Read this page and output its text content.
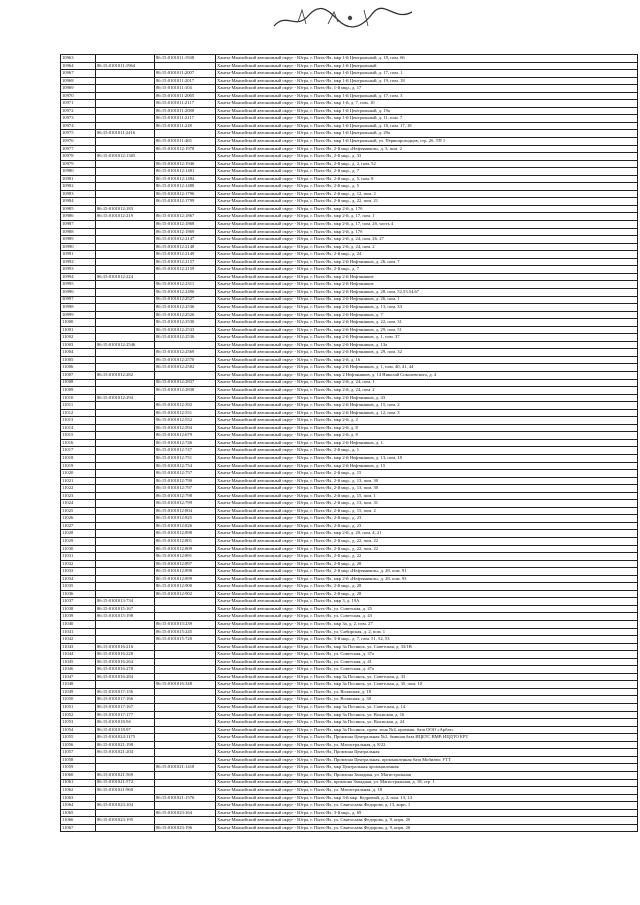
10963		86:15:0101011:1948	Ханты-Мансийский автономный округ - Югра, г. Пыть-Ях, мкр 1-й Центральный, д. 18, пом. 66
10964	86:15:0101011:1964		Ханты-Мансийский автономный округ - Югра, г. Пыть-Ях, мкр 1-й Центральный
10967		86:15:0101011:2007	Ханты-Мансийский автономный округ - Югра, г. Пыть-Ях, мкр 1-й Центральный, д. 17, пом. 1
10968		86:15:0101011:2017	Ханты-Мансийский автономный округ - Югра, г. Пыть-Ях, мкр 1-й Центральный, д. 19, пом. 18
10969		86:15:0101011:104	Ханты-Мансийский автономный округ - Югра, г. Пыть-Ях, 1-й мкр., д. 17
10970		86:15:0101011:2065	Ханты-Мансийский автономный округ - Югра, г. Пыть-Ях, мкр 1-й Центральный, д. 17, пом. 3
10971		86:15:0101011:2117	Ханты-Мансийский автономный округ - Югра, г. Пыть-Ях, мкр 1-й, д. 7, пом. 10
10972		86:15:0101011:2080	Ханты-Мансийский автономный округ - Югра, г. Пыть-Ях, мкр 1-й Центральный, д. 19а
10973		86:15:0101011:2117	Ханты-Мансийский автономный округ - Югра, г. Пыть-Ях, мкр 1-й Центральный, д. 11, пом. 7
10974		86:15:0101011:228	Ханты-Мансийский автономный округ - Югра, г. Пыть-Ях, мкр 1-й Центральный, д. 18, пом. 17, 18
10975	86:15:0101011:2416		Ханты-Мансийский автономный округ - Югра, г. Пыть-Ях, мкр 1-й Центральный, д. 29а
10976		86:15:0101011:465	Ханты-Мансийский автономный округ - Югра, г. Пыть-Ях, мкр 1-й Центральный, ул. Первопроходцев, стр. 2б, ТП 1
10977		86:15:0101012:1978	Ханты-Мансийский автономный округ - Югра, г. Пыть-Ях, 2-й мкр «Нефтяников», д. 3, пом. 2
10978	86:15:0101012:1305		Ханты-Мансийский автономный округ - Югра, г. Пыть-Ях, 2-й мкр., д. 33
10979		86:15:0101012:1946	Ханты-Мансийский автономный округ - Югра, г. Пыть-Ях, 2-й мкр., д. 2, пом. 52
10980		86:15:0101012:1481	Ханты-Мансийский автономный округ - Югра, г. Пыть-Ях, 2-й мкр., д. 7
10981		86:15:0101012:1484	Ханты-Мансийский автономный округ - Югра, г. Пыть-Ях, 2-й мкр., д. 5, пом. 8
10982		86:15:0101012:1488	Ханты-Мансийский автономный округ - Югра, г. Пыть-Ях, 2-й мкр., д. 5
10983		86:15:0101012:1796	Ханты-Мансийский автономный округ - Югра, г. Пыть-Ях, 2-й мкр., д. 12, пом. 2
10984		86:15:0101012:1799	Ханты-Мансийский автономный округ - Югра, г. Пыть-Ях, 2-й мкр., д. 22, пом. 21
10985	86:15:0101012:183		Ханты-Мансийский автономный округ - Югра, г. Пыть-Ях, мкр 2-й, д. 17б
10986	86:15:0101012:219	86:15:0101012:1867	Ханты-Мансийский автономный округ - Югра, г. Пыть-Ях, мкр 2-й, д. 17, пом. 1
10987		86:15:0101012:1868	Ханты-Мансийский автономный округ - Югра, г. Пыть-Ях, мкр 2-й, д. 17, пом. 2б, часть 4
10988		86:15:0101012:1869	Ханты-Мансийский автономный округ - Югра, г. Пыть-Ях, мкр 2-й, д. 17б
10989		86:15:0101012:2147	Ханты-Мансийский автономный округ - Югра, г. Пыть-Ях, мкр 2-й, д. 24, пом. 26, 27
10990		86:15:0101012:2148	Ханты-Мансийский автономный округ - Югра, г. Пыть-Ях, мкр 2-й, д. 24, пом. 2
10991		86:15:0101012:2149	Ханты-Мансийский автономный округ - Югра, г. Пыть-Ях, 2-й мкр., д. 24
10992		86:15:0101012:2157	Ханты-Мансийский автономный округ - Югра, г. Пыть-Ях, мкр 2-й Нефтяников, д. 26, пом. 7
10993		86:15:0101012:2159	Ханты-Мансийский автономный округ - Югра, г. Пыть-Ях, 2-й мкр., д. 7
10994	86:15:0101012:224		Ханты-Мансийский автономный округ - Югра, г. Пыть-Ях, мкр 2-й Нефтяников
10995		86:15:0101012:2311	Ханты-Мансийский автономный округ - Югра, г. Пыть-Ях, мкр 2-й Нефтяников
10996		86:15:0101012:2496	Ханты-Мансийский автономный округ - Югра, г. Пыть-Ях, мкр 2-й Нефтяников, д. 28, пом. 52,53,54,67
10997		86:15:0101012:2527	Ханты-Мансийский автономный округ - Югра, г. Пыть-Ях, мкр 2-й Нефтяников, д. 26, пом. 1
10998		86:15:0101012:2536	Ханты-Мансийский автономный округ - Югра, г. Пыть-Ях, мкр 2-й Нефтяников, д. 13, пом. 33
10999		86:15:0101012:2526	Ханты-Мансийский автономный округ - Югра, г. Пыть-Ях, мкр 2-й Нефтяников, д. 7
11000		86:15:0101012:2530	Ханты-Мансийский автономный округ - Югра, г. Пыть-Ях, мкр 2-й Нефтяников, д. 22, пом. 31
11001		86:15:0101012:2533	Ханты-Мансийский автономный округ - Югра, г. Пыть-Ях, мкр 2-й Нефтяников, д. 29, пом. 51
11002		86:15:0101012:2536	Ханты-Мансийский автономный округ - Югра, г. Пыть-Ях, мкр 2-й Нефтяников, д. 1, пом. 37
11003	86:15:0101012:2546		Ханты-Мансийский автономный округ - Югра, г. Пыть-Ях, мкр 2-й Нефтяников, д. 13а
11004		86:15:0101012:2569	Ханты-Мансийский автономный округ - Югра, г. Пыть-Ях, мкр 2-й Нефтяников, д. 29, пом. 32
11005		86:15:0101012:2570	Ханты-Мансийский автономный округ - Югра, г. Пыть-Ях, мкр 2-й, д. 16
11006		86:15:0101012:2582	Ханты-Мансийский автономный округ - Югра, г. Пыть-Ях, мкр 2-й Нефтяников, д. 1, пом. 40, 41, 44
11007	86:15:0101012:282		Ханты-Мансийский автономный округ - Югра, г. Пыть-Ях, мкр 2 Нефтяников, д. 14 Николай Соколовского, д. 4
11008		86:15:0101012:2837	Ханты-Мансийский автономный округ - Югра, г. Пыть-Ях, мкр 2-й, д. 24, пом. 1
11009		86:15:0101012:2838	Ханты-Мансийский автономный округ - Югра, г. Пыть-Ях, мкр 2-й, д. 24, пом. 2
11010	86:15:0101012:294		Ханты-Мансийский автономный округ - Югра, г. Пыть-Ях, мкр 2-й Нефтяников, д. 43
11011		86:15:0101012:392	Ханты-Мансийский автономный округ - Югра, г. Пыть-Ях, мкр 2-й Нефтяников, д. 15, пом. 2
11012		86:15:0101012:551	Ханты-Мансийский автономный округ - Югра, г. Пыть-Ях, мкр 2-й Нефтяников, д. 12, пом. 3
11013		86:15:0101012:552	Ханты-Мансийский автономный округ - Югра, г. Пыть-Ях, мкр 2-й, д. 2
11014		86:15:0101012:594	Ханты-Мансийский автономный округ - Югра, г. Пыть-Ях, мкр 2-й, д. 8
11015		86:15:0101012:679	Ханты-Мансийский автономный округ - Югра, г. Пыть-Ях, мкр 2-й, д. 8
11016		86:15:0101012:746	Ханты-Мансийский автономный округ - Югра, г. Пыть-Ях, мкр 2-й Нефтяников, д. 1
11017		86:15:0101012:747	Ханты-Мансийский автономный округ - Югра, г. Пыть-Ях, 2-й мкр., д. 1
11018		86:15:0101012:751	Ханты-Мансийский автономный округ - Югра, г. Пыть-Ях, мкр 2-й Нефтяников, д. 13, пом. 18
11019		86:15:0101012:754	Ханты-Мансийский автономный округ - Югра, г. Пыть-Ях, мкр 2-й Нефтяников, д. 15
11020		86:15:0101012:757	Ханты-Мансийский автономный округ - Югра, г. Пыть-Ях, 2-й мкр., д. 15
11021		86:15:0101012:790	Ханты-Мансийский автономный округ - Югра, г. Пыть-Ях, 2-й мкр., д. 13, пом. 30
11022		86:15:0101012:797	Ханты-Мансийский автономный округ - Югра, г. Пыть-Ях, 2-й мкр., д. 13, пом. 30
11023		86:15:0101012:798	Ханты-Мансийский автономный округ - Югра, г. Пыть-Ях, 2-й мкр., д. 15, пом. 1
11024		86:15:0101012:799	Ханты-Мансийский автономный округ - Югра, г. Пыть-Ях, 2-й мкр., д. 13, пом. 31
11025		86:15:0101012:804	Ханты-Мансийский автономный округ - Югра, г. Пыть-Ях, 2-й мкр., д. 15, пом. 2
11026		86:15:0101012:825	Ханты-Мансийский автономный округ - Югра, г. Пыть-Ях, 2-й мкр., д. 23
11027		86:15:0101012:826	Ханты-Мансийский автономный округ - Югра, г. Пыть-Ях, 2-й мкр., д. 23
11028		86:15:0101012:898	Ханты-Мансийский автономный округ - Югра, г. Пыть-Ях, мкр 2-й, д. 20, пом. 4, 21
11029		86:15:0101012:801	Ханты-Мансийский автономный округ - Югра, г. Пыть-Ях, 2-й мкр., д. 22, пом. 22
11030		86:15:0101012:809	Ханты-Мансийский автономный округ - Югра, г. Пыть-Ях, 2-й мкр., д. 22, пом. 22
11031		86:15:0101012:891	Ханты-Мансийский автономный округ - Югра, г. Пыть-Ях, 2-й мкр., д. 22
11032		86:15:0101012:897	Ханты-Мансийский автономный округ - Югра, г. Пыть-Ях, 2-й мкр., д. 28
11033		86:15:0101012:898	Ханты-Мансийский автономный округ - Югра, г. Пыть-Ях, 2-й мкр «Нефтяников», д. 28, пом. 91
11034		86:15:0101012:899	Ханты-Мансийский автономный округ - Югра, г. Пыть-Ях, мкр 2-й «Нефтяников», д. 28, пом. 93
11035		86:15:0101012:900	Ханты-Мансийский автономный округ - Югра, г. Пыть-Ях, 2-й мкр., д. 28
11036		86:15:0101012:902	Ханты-Мансийский автономный округ - Югра, г. Пыть-Ях, 2-й мкр., д. 28
11037	86:15:0101013:734		Ханты-Мансийский автономный округ - Югра, г. Пыть-Ях, мкр 3, д. 19А
11038	86:15:0101015:167		Ханты-Мансийский автономный округ - Югра, г. Пыть-Ях, ул. Советская, д. 25
11039	86:15:0101015:198		Ханты-Мансийский автономный округ - Югра, г. Пыть-Ях, ул. Советская, д. 43
11040		86:15:0101015:239	Ханты-Мансийский автономный округ - Югра, г. Пыть-Ях, мкр 3а, д. 2, пом. 27
11041		86:15:0101015:245	Ханты-Мансийский автономный округ - Югра, г. Пыть-Ях, ул. Сибирская, д. 2, пом. 1
11042		86:15:0101015:720	Ханты-Мансийский автономный округ - Югра, г. Пыть-Ях, 3-й мкр., д. 7, пом. 51, 52, 53
11043	86:15:0101016:216		Ханты-Мансийский автономный округ - Югра, г. Пыть-Ях, мкр 3а Посинск, ул. Советская, д. 33/1В
11044	86:15:0101016:228		Ханты-Мансийский автономный округ - Югра, г. Пыть-Ях, ул. Советская, д. 37а
11045	86:15:0101016:264		Ханты-Мансийский автономный округ - Югра, г. Пыть-Ях, ул. Советская, д. 41
11046	86:15:0101016:278		Ханты-Мансийский автономный округ - Югра, г. Пыть-Ях, ул. Советская, д. 47а
11047	86:15:0101016:284		Ханты-Мансийский автономный округ - Югра, г. Пыть-Ях, мкр 3а Посинск, ул. Советская, д. 33
11048		86:15:0101016:348	Ханты-Мансийский автономный округ - Югра, г. Пыть-Ях, мкр 3а Посинск, ул. Советская, д. 35, пом. 10
11049	86:15:0101017:156		Ханты-Мансийский автономный округ - Югра, г. Пыть-Ях, ул. Волжская, д. 18
11050	86:15:0101017:166		Ханты-Мансийский автономный округ - Югра, г. Пыть-Ях, ул. Волжская, д. 30
11051	86:15:0101017:167		Ханты-Мансийский автономный округ - Югра, г. Пыть-Ях, мкр 3а Посинск, ул. Советская, д. 14
11052	86:15:0101017:177		Ханты-Мансийский автономный округ - Югра, г. Пыть-Ях, мкр 3а Посинск, ул. Волжская, д. 16
11053	86:15:0101018:94		Ханты-Мансийский автономный округ - Югра, г. Пыть-Ях, мкр 3а Посинск, ул. Волжская, д. 24
11054	86:15:0101018:97		Ханты-Мансийский автономный округ - Югра, г. Пыть-Ях, мкр 3а Посинск, пром. зона №4, промыш. база ООО «Арбат»
11055	86:15:0101024:1175		Ханты-Мансийский автономный округ - Югра, г. Пыть-Ях, Промзона Центральная №2, бывшая база ИЦБТС ВМР, ИЦДТО ЕРТ
11056	86:15:0101021:198		Ханты-Мансийский автономный округ - Югра, г. Пыть-Ях, ул. Магистральная, д. 8/22
11057	86:15:0101021:204		Ханты-Мансийский автономный округ - Югра, г. Пыть-Ях, Промзона Центральная
11058			Ханты-Мансийский автономный округ - Югра, г. Пыть-Ях, Промзона Центральная, промышленная база Мобилюс УТТ
11059		86:15:0101021:1418	Ханты-Мансийский автономный округ - Югра, г. Пыть-Ях, мкр Центральная промышленная
11060	86:15:0101021:569		Ханты-Мансийский автономный округ - Югра, г. Пыть-Ях, Промзона Западная, ул. Магистральная
11061	86:15:0101021:572		Ханты-Мансийский автономный округ - Югра, г. Пыть-Ях, промзона Западная, ул. Магистральная, д. 18, стр. 1
11062	86:15:0101021:960		Ханты-Мансийский автономный округ - Югра, г. Пыть-Ях, ул. Магистральная, д. 18
11063		86:15:0101021:1576	Ханты-Мансийский автономный округ - Югра, г. Пыть-Ях, мкр 3-й мкр. Кедровый, д. 2, пом. 13, 14
11064	86:15:0101023:104		Ханты-Мансийский автономный округ - Югра, г. Пыть-Ях, ул. Святослава Федорова, д. 13, корп. 1
11065		86:15:0101023:164	Ханты-Мансийский автономный округ - Югра, г. Пыть-Ях, 3-й мкр., д. 69
11066	86:15:0101023:195		Ханты-Мансийский автономный округ - Югра, г. Пыть-Ях, ул. Святослава Федорова, д. 9, корп. 2б
11067		86:15:0101023:196	Ханты-Мансийский автономный округ - Югра, г. Пыть-Ях, ул. Святослава Федорова, д. 9, корп. 26
